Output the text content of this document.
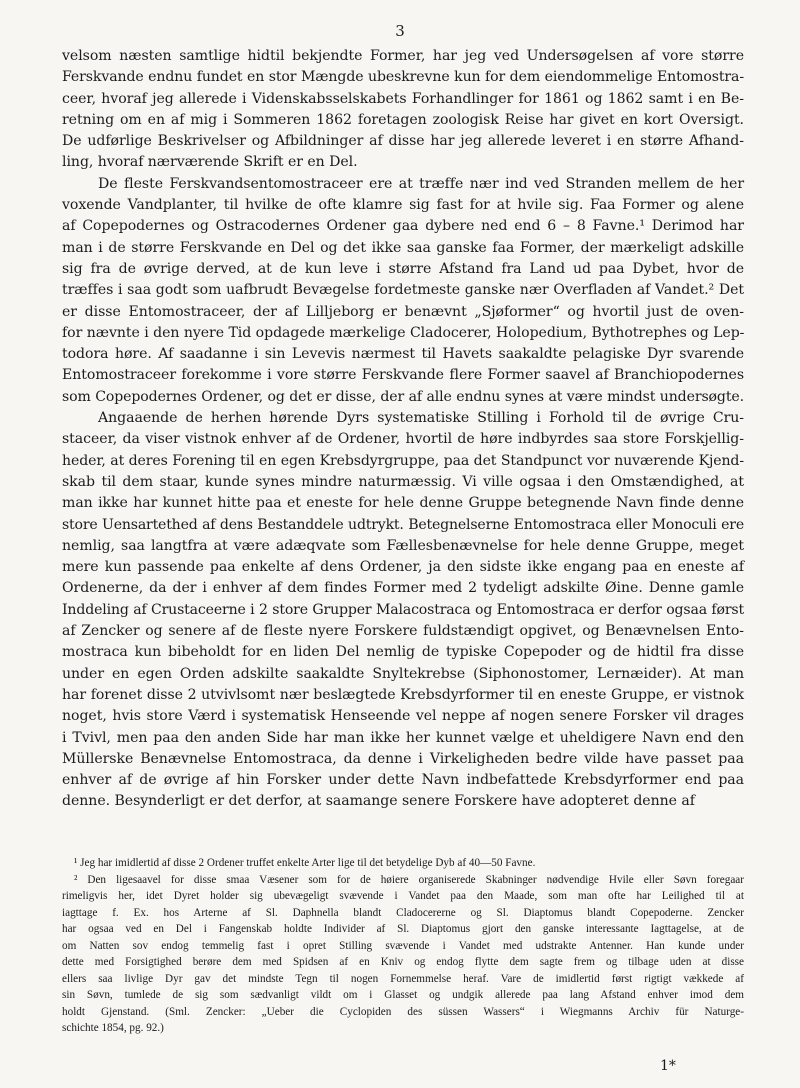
3

velsom næsten samtlige hidtil bekjendte Former, har jeg ved Undersøgelsen af vore større

Ferskvande endnu fundet en stor Mængde ubeskrevne kun for dem eiendommelige Entomostra-

ceer, hvoraf jeg allerede i Videnskabsselskabets Forhandlinger for 1861 og 1862 samt i en Be-

retning om en af mig i Sommeren 1862 foretagen zoologisk Reise har givet en kort Oversigt.

De udførlige Beskrivelser og Afbildninger af disse har jeg allerede leveret i en større Afhand-

ling, hvoraf nærværende Skrift er en Del.

De fleste Ferskvandsentomostraceer ere at træffe nær ind ved Stranden mellem de her

voxende Vandplanter, til hvilke de ofte klamre sig fast for at hvile sig. Faa Former og alene

af Copepodernes og Ostracodernes Ordener gaa dybere ned end 6 – 8 Favne.¹ Derimod har

man i de større Ferskvande en Del og det ikke saa ganske faa Former, der mærkeligt adskille

sig fra de øvrige derved, at de kun leve i større Afstand fra Land ud paa Dybet, hvor de

træffes i saa godt som uafbrudt Bevægelse fordetmeste ganske nær Overfladen af Vandet.² Det

er disse Entomostraceer, der af Lilljeborg er benævnt „Sjøformer“ og hvortil just de oven-

for nævnte i den nyere Tid opdagede mærkelige Cladocerer, Holopedium, Bythotrephes og Lep-

todora høre. Af saadanne i sin Levevis nærmest til Havets saakaldte pelagiske Dyr svarende

Entomostraceer forekomme i vore større Ferskvande flere Former saavel af Branchiopodernes

som Copepodernes Ordener, og det er disse, der af alle endnu synes at være mindst undersøgte.

Angaaende de herhen hørende Dyrs systematiske Stilling i Forhold til de øvrige Cru-

staceer, da viser vistnok enhver af de Ordener, hvortil de høre indbyrdes saa store Forskjellig-

heder, at deres Forening til en egen Krebsdyrgruppe, paa det Standpunct vor nuværende Kjend-

skab til dem staar, kunde synes mindre naturmæssig. Vi ville ogsaa i den Omstændighed, at

man ikke har kunnet hitte paa et eneste for hele denne Gruppe betegnende Navn finde denne

store Uensartethed af dens Bestanddele udtrykt. Betegnelserne Entomostraca eller Monoculi ere

nemlig, saa langtfra at være adæqvate som Fællesbenævnelse for hele denne Gruppe, meget

mere kun passende paa enkelte af dens Ordener, ja den sidste ikke engang paa en eneste af

Ordenerne, da der i enhver af dem findes Former med 2 tydeligt adskilte Øine. Denne gamle

Inddeling af Crustaceerne i 2 store Grupper Malacostraca og Entomostraca er derfor ogsaa først

af Zencker og senere af de fleste nyere Forskere fuldstændigt opgivet, og Benævnelsen Ento-

mostraca kun bibeholdt for en liden Del nemlig de typiske Copepoder og de hidtil fra disse

under en egen Orden adskilte saakaldte Snyltekrebse (Siphonostomer, Lernæider). At man

har forenet disse 2 utvivlsomt nær beslægtede Krebsdyrformer til en eneste Gruppe, er vistnok

noget, hvis store Værd i systematisk Henseende vel neppe af nogen senere Forsker vil drages

i Tvivl, men paa den anden Side har man ikke her kunnet vælge et uheldigere Navn end den

Müllerske Benævnelse Entomostraca, da denne i Virkeligheden bedre vilde have passet paa

enhver af de øvrige af hin Forsker under dette Navn indbefattede Krebsdyrformer end paa

denne. Besynderligt er det derfor, at saamange senere Forskere have adopteret denne af

¹ Jeg har imidlertid af disse 2 Ordener truffet enkelte Arter lige til det betydelige Dyb af 40—50 Favne.

² Den ligesaavel for disse smaa Væsener som for de høiere organiserede Skabninger nødvendige Hvile eller Søvn foregaar

rimeligvis her, idet Dyret holder sig ubevægeligt svævende i Vandet paa den Maade, som man ofte har Leilighed til at

iagttage f. Ex. hos Arterne af Sl. Daphnella blandt Cladocererne og Sl. Diaptomus blandt Copepoderne. Zencker

har ogsaa ved en Del i Fangenskab holdte Individer af Sl. Diaptomus gjort den ganske interessante Iagttagelse, at de

om Natten sov endog temmelig fast i opret Stilling svævende i Vandet med udstrakte Antenner. Han kunde under

dette med Forsigtighed berøre dem med Spidsen af en Kniv og endog flytte dem sagte frem og tilbage uden at disse

ellers saa livlige Dyr gav det mindste Tegn til nogen Fornemmelse heraf. Vare de imidlertid først rigtigt vækkede af

sin Søvn, tumlede de sig som sædvanligt vildt om i Glasset og undgik allerede paa lang Afstand enhver imod dem

holdt Gjenstand. (Sml. Zencker: „Ueber die Cyclopiden des süssen Wassers“ i Wiegmanns Archiv für Naturge-

schichte 1854, pg. 92.)

1*
